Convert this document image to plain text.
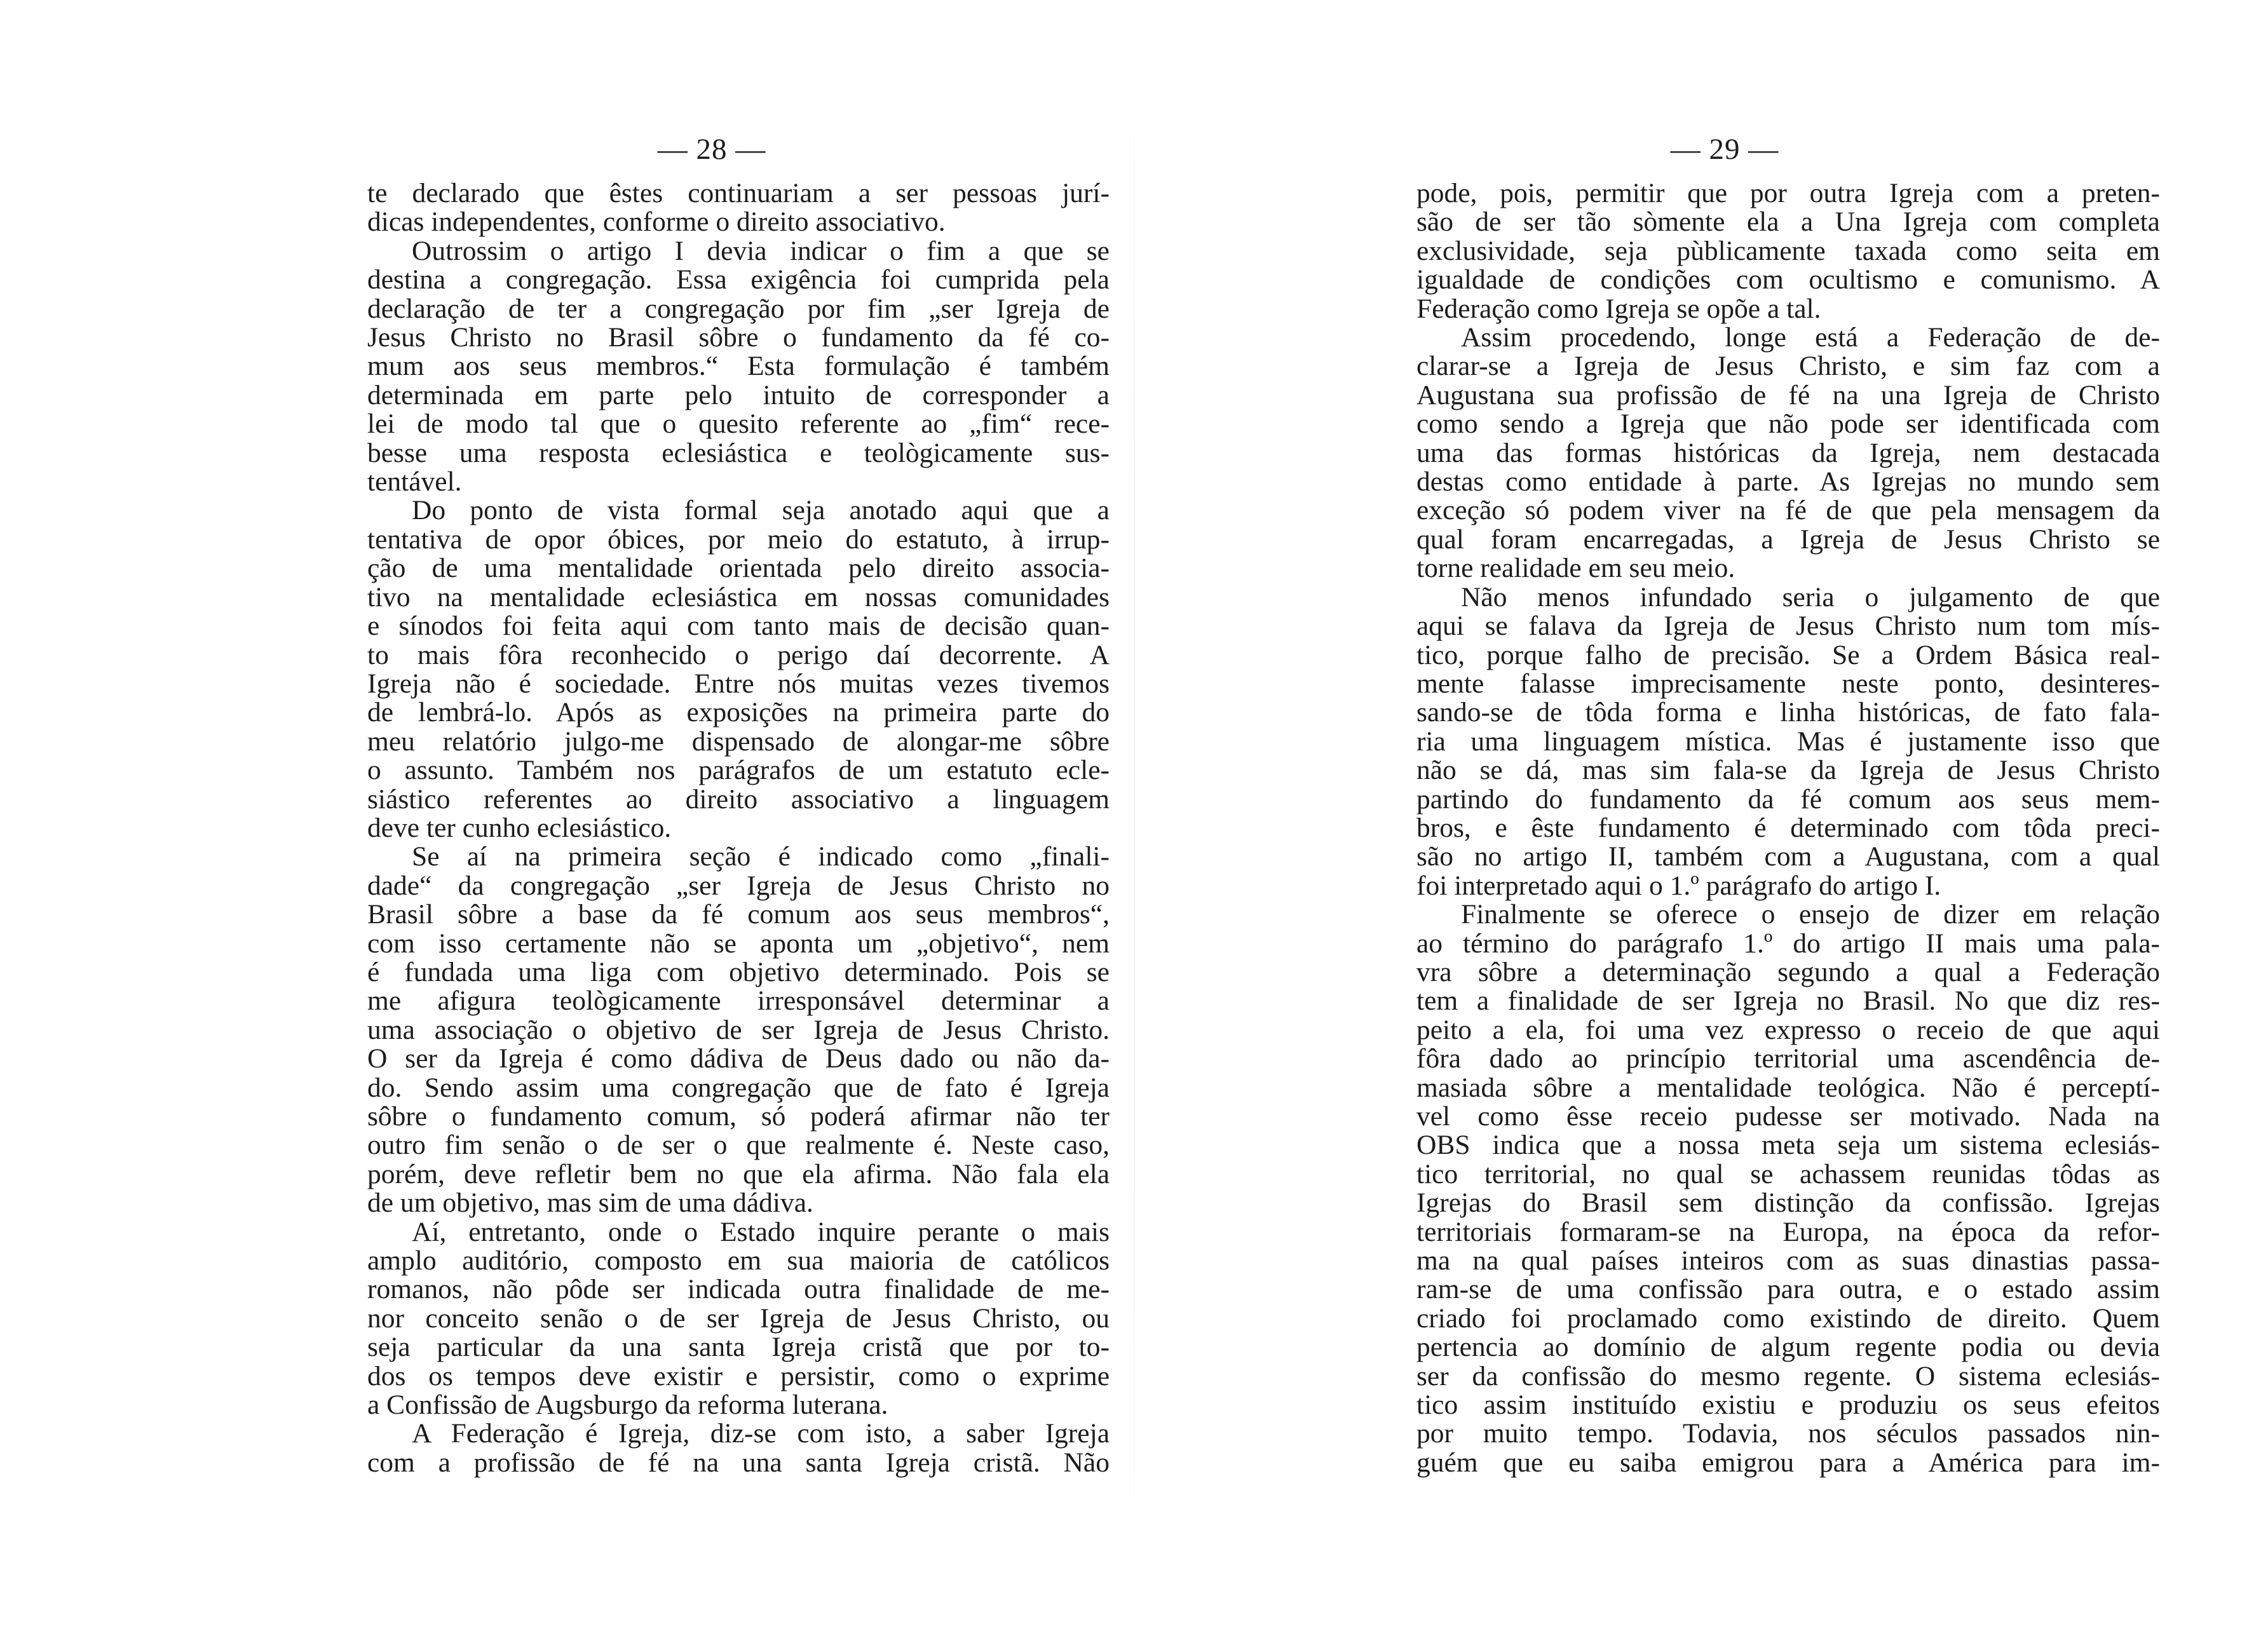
— 28 —
te declarado que êstes continuariam a ser pessoas jurí-
dicas independentes, conforme o direito associativo.
Outrossim o artigo I devia indicar o fim a que se
destina a congregação. Essa exigência foi cumprida pela
declaração de ter a congregação por fim „ser Igreja de
Jesus Christo no Brasil sôbre o fundamento da fé co-
mum aos seus membros.“ Esta formulação é também
determinada em parte pelo intuito de corresponder a
lei de modo tal que o quesito referente ao „fim“ rece-
besse uma resposta eclesiástica e teològicamente sus-
tentável.
Do ponto de vista formal seja anotado aqui que a
tentativa de opor óbices, por meio do estatuto, à irrup-
ção de uma mentalidade orientada pelo direito associa-
tivo na mentalidade eclesiástica em nossas comunidades
e sínodos foi feita aqui com tanto mais de decisão quan-
to mais fôra reconhecido o perigo daí decorrente. A
Igreja não é sociedade. Entre nós muitas vezes tivemos
de lembrá-lo. Após as exposições na primeira parte do
meu relatório julgo-me dispensado de alongar-me sôbre
o assunto. Também nos parágrafos de um estatuto ecle-
siástico referentes ao direito associativo a linguagem
deve ter cunho eclesiástico.
Se aí na primeira seção é indicado como „finali-
dade“ da congregação „ser Igreja de Jesus Christo no
Brasil sôbre a base da fé comum aos seus membros“,
com isso certamente não se aponta um „objetivo“, nem
é fundada uma liga com objetivo determinado. Pois se
me afigura teològicamente irresponsável determinar a
uma associação o objetivo de ser Igreja de Jesus Christo.
O ser da Igreja é como dádiva de Deus dado ou não da-
do. Sendo assim uma congregação que de fato é Igreja
sôbre o fundamento comum, só poderá afirmar não ter
outro fim senão o de ser o que realmente é. Neste caso,
porém, deve refletir bem no que ela afirma. Não fala ela
de um objetivo, mas sim de uma dádiva.
Aí, entretanto, onde o Estado inquire perante o mais
amplo auditório, composto em sua maioria de católicos
romanos, não pôde ser indicada outra finalidade de me-
nor conceito senão o de ser Igreja de Jesus Christo, ou
seja particular da una santa Igreja cristã que por to-
dos os tempos deve existir e persistir, como o exprime
a Confissão de Augsburgo da reforma luterana.
A Federação é Igreja, diz-se com isto, a saber Igreja
com a profissão de fé na una santa Igreja cristã. Não
— 29 —
pode, pois, permitir que por outra Igreja com a preten-
são de ser tão sòmente ela a Una Igreja com completa
exclusividade, seja pùblicamente taxada como seita em
igualdade de condições com ocultismo e comunismo. A
Federação como Igreja se opõe a tal.
Assim procedendo, longe está a Federação de de-
clarar-se a Igreja de Jesus Christo, e sim faz com a
Augustana sua profissão de fé na una Igreja de Christo
como sendo a Igreja que não pode ser identificada com
uma das formas históricas da Igreja, nem destacada
destas como entidade à parte. As Igrejas no mundo sem
exceção só podem viver na fé de que pela mensagem da
qual foram encarregadas, a Igreja de Jesus Christo se
torne realidade em seu meio.
Não menos infundado seria o julgamento de que
aqui se falava da Igreja de Jesus Christo num tom mís-
tico, porque falho de precisão. Se a Ordem Básica real-
mente falasse imprecisamente neste ponto, desinteres-
sando-se de tôda forma e linha históricas, de fato fala-
ria uma linguagem mística. Mas é justamente isso que
não se dá, mas sim fala-se da Igreja de Jesus Christo
partindo do fundamento da fé comum aos seus mem-
bros, e êste fundamento é determinado com tôda preci-
são no artigo II, também com a Augustana, com a qual
foi interpretado aqui o 1.º parágrafo do artigo I.
Finalmente se oferece o ensejo de dizer em relação
ao término do parágrafo 1.º do artigo II mais uma pala-
vra sôbre a determinação segundo a qual a Federação
tem a finalidade de ser Igreja no Brasil. No que diz res-
peito a ela, foi uma vez expresso o receio de que aqui
fôra dado ao princípio territorial uma ascendência de-
masiada sôbre a mentalidade teológica. Não é perceptí-
vel como êsse receio pudesse ser motivado. Nada na
OBS indica que a nossa meta seja um sistema eclesiás-
tico territorial, no qual se achassem reunidas tôdas as
Igrejas do Brasil sem distinção da confissão. Igrejas
territoriais formaram-se na Europa, na época da refor-
ma na qual países inteiros com as suas dinastias passa-
ram-se de uma confissão para outra, e o estado assim
criado foi proclamado como existindo de direito. Quem
pertencia ao domínio de algum regente podia ou devia
ser da confissão do mesmo regente. O sistema eclesiás-
tico assim instituído existiu e produziu os seus efeitos
por muito tempo. Todavia, nos séculos passados nin-
guém que eu saiba emigrou para a América para im-
